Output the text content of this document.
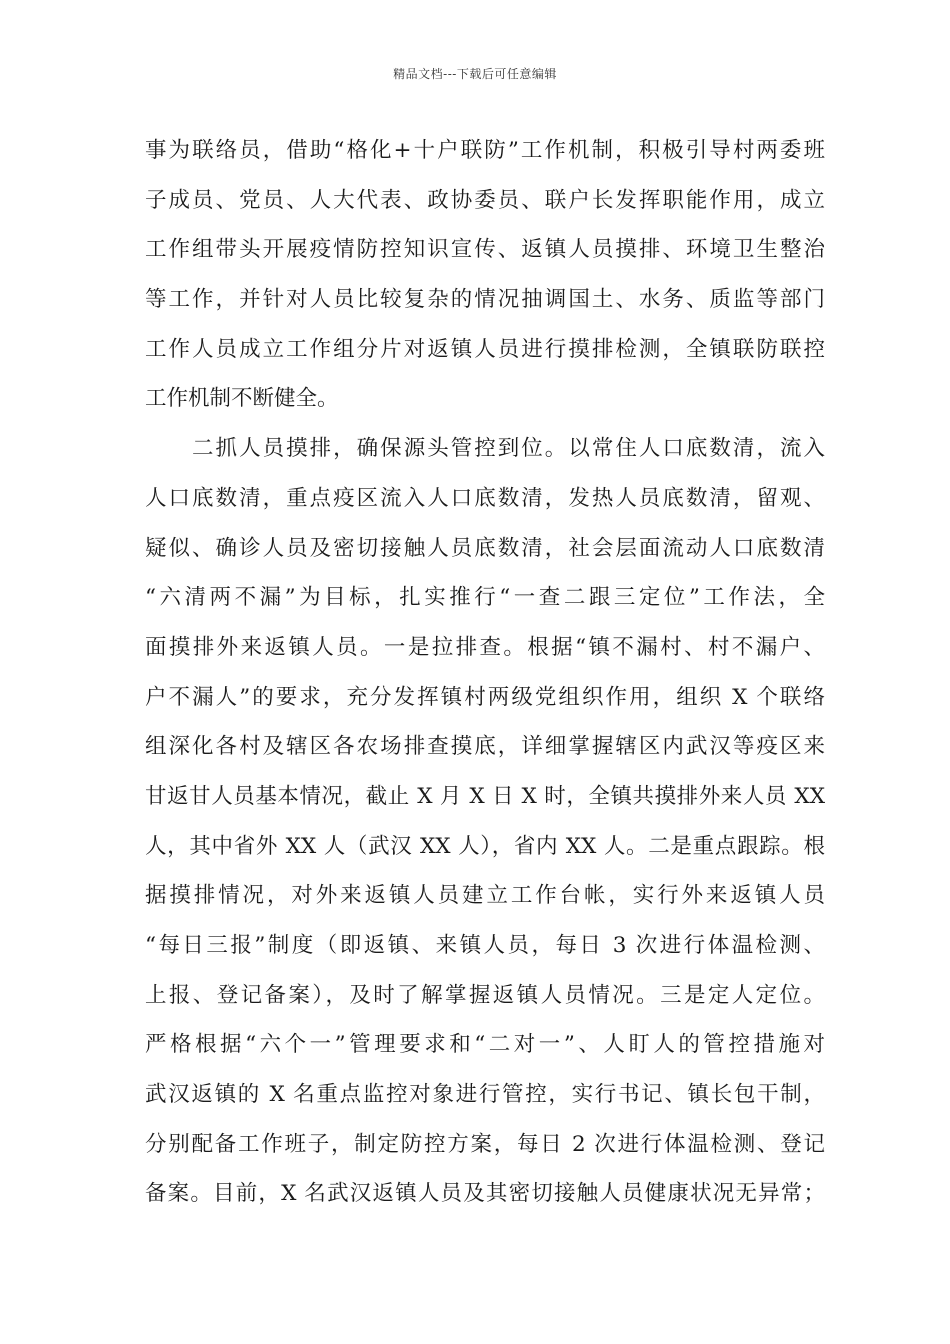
精品文档---下载后可任意编辑
事为联络员，借助“格化+十户联防”工作机制，积极引导村两委班
子成员、党员、人大代表、政协委员、联户长发挥职能作用，成立
工作组带头开展疫情防控知识宣传、返镇人员摸排、环境卫生整治
等工作，并针对人员比较复杂的情况抽调国土、水务、质监等部门
工作人员成立工作组分片对返镇人员进行摸排检测，全镇联防联控
工作机制不断健全。
　　二抓人员摸排，确保源头管控到位。以常住人口底数清，流入
人口底数清，重点疫区流入人口底数清，发热人员底数清，留观、
疑似、确诊人员及密切接触人员底数清，社会层面流动人口底数清
“六清两不漏”为目标，扎实推行“一查二跟三定位”工作法，全
面摸排外来返镇人员。一是拉排查。根据“镇不漏村、村不漏户、
户不漏人”的要求，充分发挥镇村两级党组织作用，组织 X 个联络
组深化各村及辖区各农场排查摸底，详细掌握辖区内武汉等疫区来
甘返甘人员基本情况，截止 X 月 X 日 X 时，全镇共摸排外来人员 XX
人，其中省外 XX 人（武汉 XX 人），省内 XX 人。二是重点跟踪。根
据摸排情况，对外来返镇人员建立工作台帐，实行外来返镇人员
“每日三报”制度（即返镇、来镇人员，每日 3 次进行体温检测、
上报、登记备案），及时了解掌握返镇人员情况。三是定人定位。
严格根据“六个一”管理要求和“二对一”、人盯人的管控措施对
武汉返镇的 X 名重点监控对象进行管控，实行书记、镇长包干制，
分别配备工作班子，制定防控方案，每日 2 次进行体温检测、登记
备案。目前，X 名武汉返镇人员及其密切接触人员健康状况无异常；
